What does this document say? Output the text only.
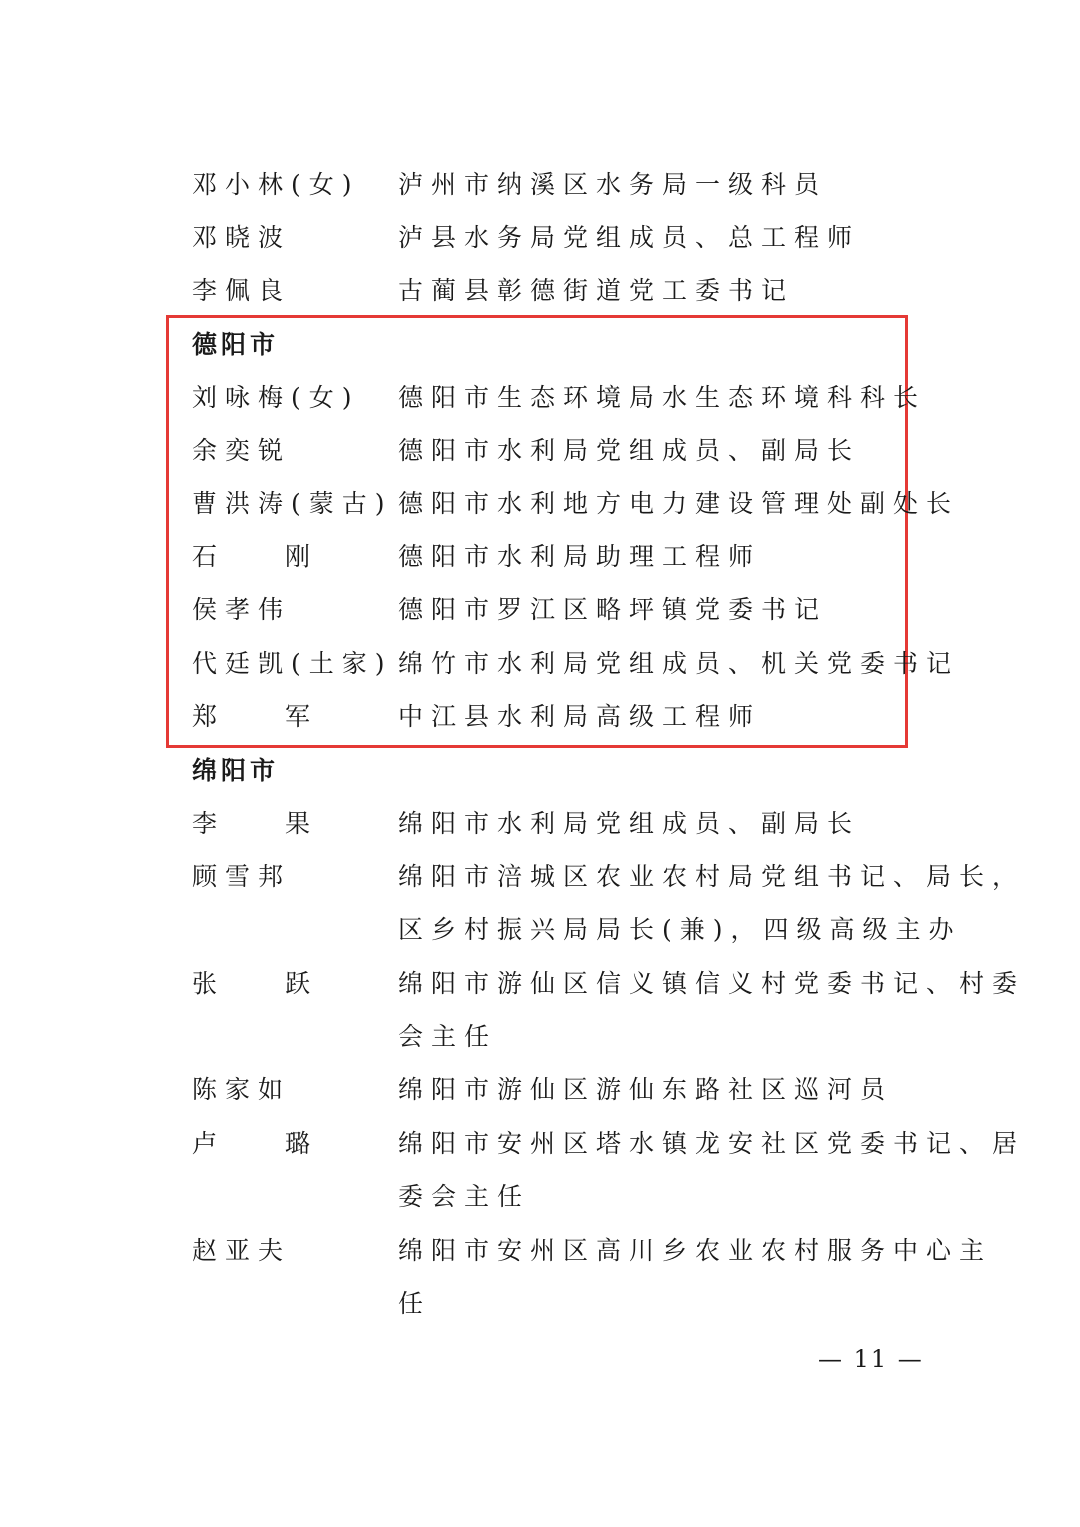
邓小林(女) 泸州市纳溪区水务局一级科员
邓晓波	泸县水务局党组成员、总工程师
李佩良	古蔺县彰德街道党工委书记
德阳市
刘咏梅(女) 德阳市生态环境局水生态环境科科长
余奕锐	德阳市水利局党组成员、副局长
曹洪涛(蒙古) 德阳市水利地方电力建设管理处副处长
石 刚 德阳市水利局助理工程师
侯孝伟	德阳市罗江区略坪镇党委书记
代廷凯(土家) 绵竹市水利局党组成员、机关党委书记
郑 军 中江县水利局高级工程师
绵阳市
李 果 绵阳市水利局党组成员、副局长
顾雪邦	绵阳市涪城区农业农村局党组书记、局长，
区乡村振兴局局长(兼)，四级高级主办
张 跃 绵阳市游仙区信义镇信义村党委书记、村委
会主任
陈家如	绵阳市游仙区游仙东路社区巡河员
卢 璐 绵阳市安州区塔水镇龙安社区党委书记、居
委会主任
赵亚夫	绵阳市安州区高川乡农业农村服务中心主
任
— 11 —
